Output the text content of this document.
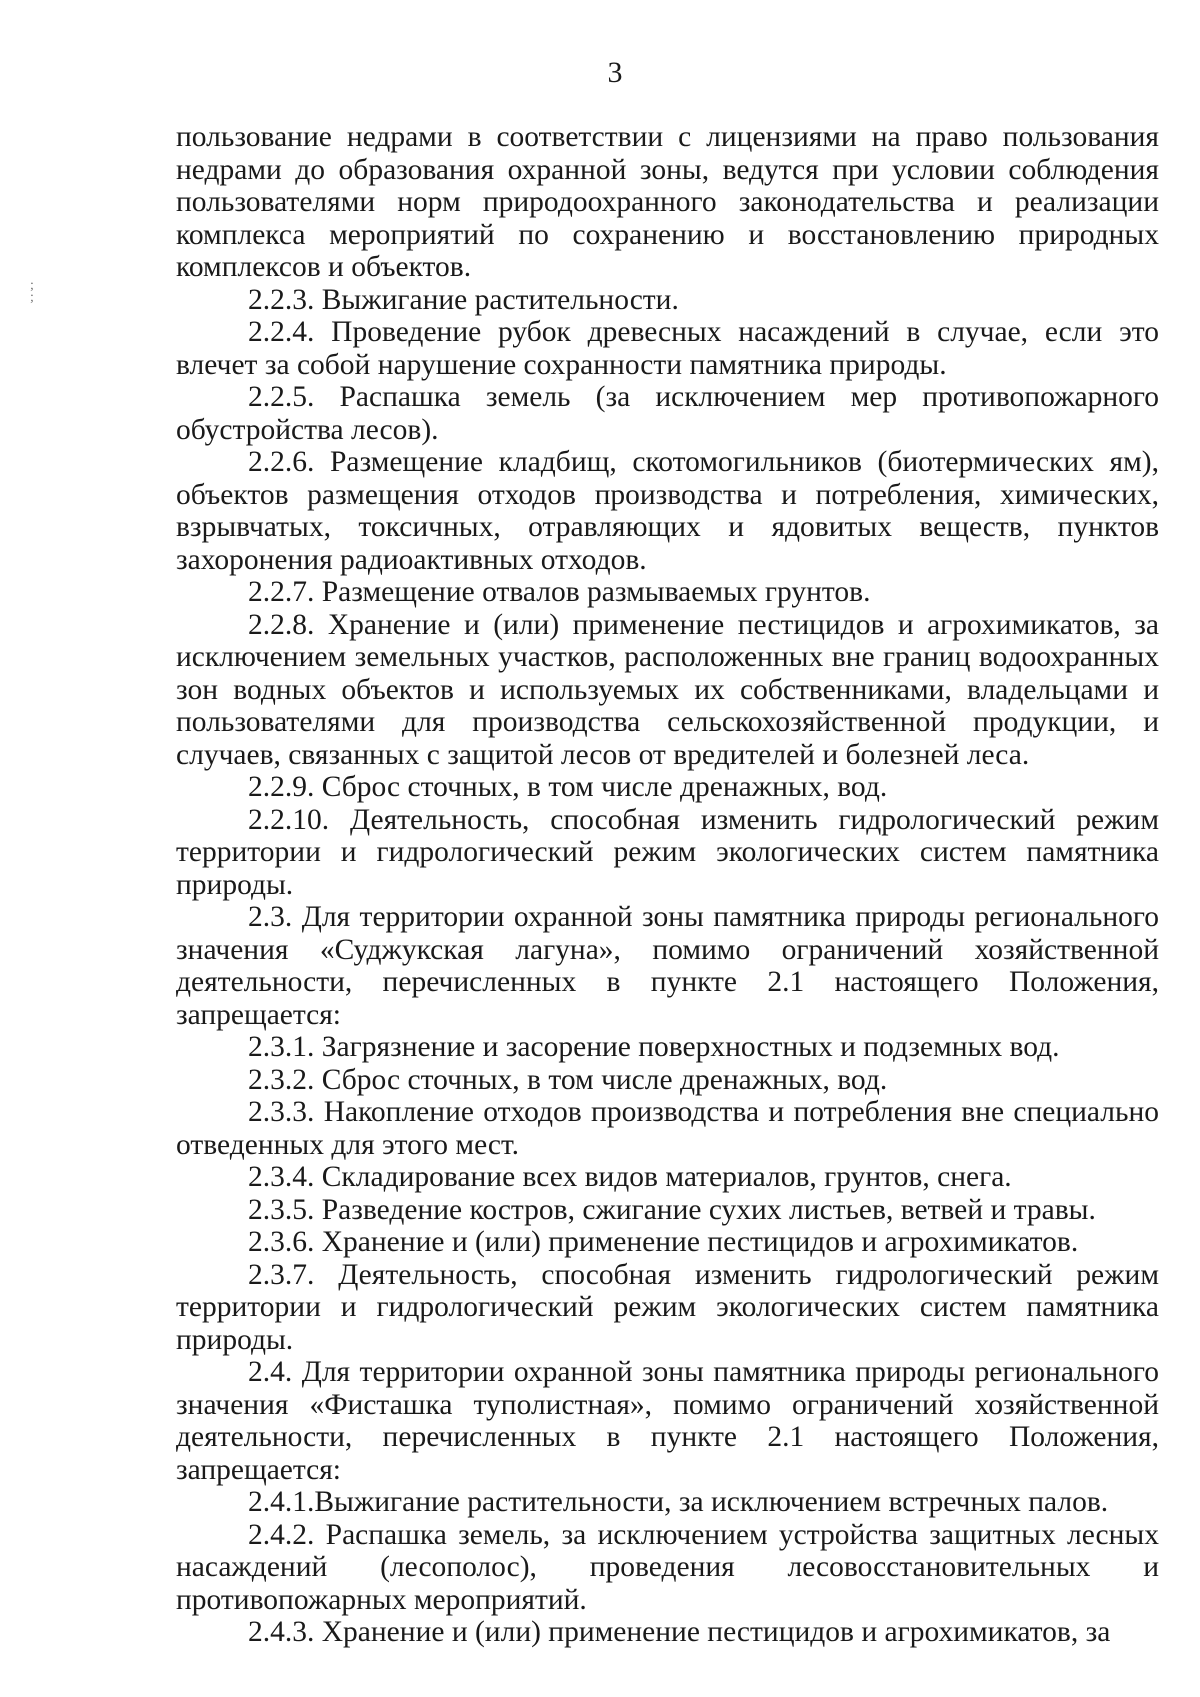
3
;
;

пользование недрами в соответствии с лицензиями на право пользования недрами до образования охранной зоны, ведутся при условии соблюдения пользователями норм природоохранного законодательства и реализации комплекса мероприятий по сохранению и восстановлению природных комплексов и объектов.

2.2.3. Выжигание растительности.

2.2.4. Проведение рубок древесных насаждений в случае, если это влечет за собой нарушение сохранности памятника природы.

2.2.5. Распашка земель (за исключением мер противопожарного обустройства лесов).

2.2.6. Размещение кладбищ, скотомогильников (биотермических ям), объектов размещения отходов производства и потребления, химических, взрывчатых, токсичных, отравляющих и ядовитых веществ, пунктов захоронения радиоактивных отходов.

2.2.7. Размещение отвалов размываемых грунтов.

2.2.8. Хранение и (или) применение пестицидов и агрохимикатов, за исключением земельных участков, расположенных вне границ водоохранных зон водных объектов и используемых их собственниками, владельцами и пользователями для производства сельскохозяйственной продукции, и случаев, связанных с защитой лесов от вредителей и болезней леса.

2.2.9. Сброс сточных, в том числе дренажных, вод.

2.2.10. Деятельность, способная изменить гидрологический режим территории и гидрологический режим экологических систем памятника природы.

2.3. Для территории охранной зоны памятника природы регионального значения «Суджукская лагуна», помимо ограничений хозяйственной деятельности, перечисленных в пункте 2.1 настоящего Положения, запрещается:

2.3.1. Загрязнение и засорение поверхностных и подземных вод.

2.3.2. Сброс сточных, в том числе дренажных, вод.

2.3.3. Накопление отходов производства и потребления вне специально отведенных для этого мест.

2.3.4. Складирование всех видов материалов, грунтов, снега.

2.3.5. Разведение костров, сжигание сухих листьев, ветвей и травы.

2.3.6. Хранение и (или) применение пестицидов и агрохимикатов.

2.3.7. Деятельность, способная изменить гидрологический режим территории и гидрологический режим экологических систем памятника природы.

2.4. Для территории охранной зоны памятника природы регионального значения «Фисташка туполистная», помимо ограничений хозяйственной деятельности, перечисленных в пункте 2.1 настоящего Положения, запрещается:

2.4.1.Выжигание растительности, за исключением встречных палов.

2.4.2. Распашка земель, за исключением устройства защитных лесных насаждений (лесополос), проведения лесовосстановительных и противопожарных мероприятий.

2.4.3. Хранение и (или) применение пестицидов и агрохимикатов, за
